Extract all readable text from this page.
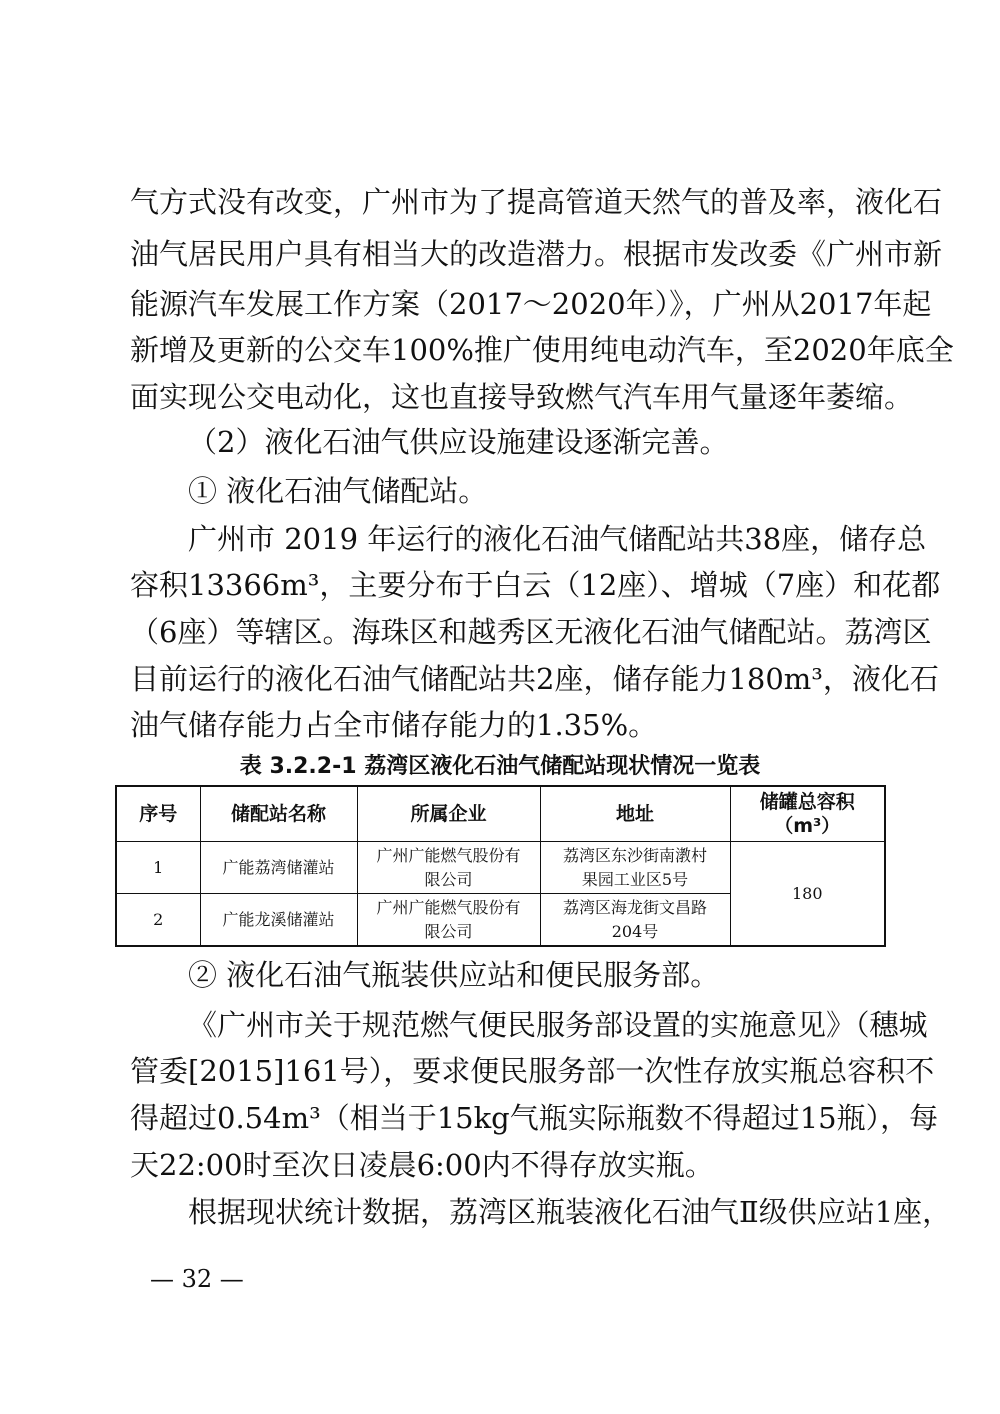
气方式没有改变，广州市为了提高管道天然气的普及率，液化石
油气居民用户具有相当大的改造潜力。根据市发改委《广州市新
能源汽车发展工作方案（2017～2020年）》，广州从2017年起
新增及更新的公交车100%推广使用纯电动汽车，至2020年底全
面实现公交电动化，这也直接导致燃气汽车用气量逐年萎缩。
（2）液化石油气供应设施建设逐渐完善。
① 液化石油气储配站。
广州市 2019 年运行的液化石油气储配站共38座，储存总
容积13366m³，主要分布于白云（12座）、增城（7座）和花都
（6座）等辖区。海珠区和越秀区无液化石油气储配站。荔湾区
目前运行的液化石油气储配站共2座，储存能力180m³，液化石
油气储存能力占全市储存能力的1.35%。
表 3.2.2-1 荔湾区液化石油气储配站现状情况一览表
序号	储配站名称	所属企业	地址	储罐总容积
（m³）
1	广能荔湾储灌站	广州广能燃气股份有
限公司	荔湾区东沙街南漖村
果园工业区5号	180
2	广能龙溪储灌站	广州广能燃气股份有
限公司	荔湾区海龙街文昌路
204号	
② 液化石油气瓶装供应站和便民服务部。
《广州市关于规范燃气便民服务部设置的实施意见》（穗城
管委[2015]161号），要求便民服务部一次性存放实瓶总容积不
得超过0.54m³（相当于15kg气瓶实际瓶数不得超过15瓶），每
天22:00时至次日凌晨6:00内不得存放实瓶。
根据现状统计数据，荔湾区瓶装液化石油气Ⅱ级供应站1座，
— 32 —
